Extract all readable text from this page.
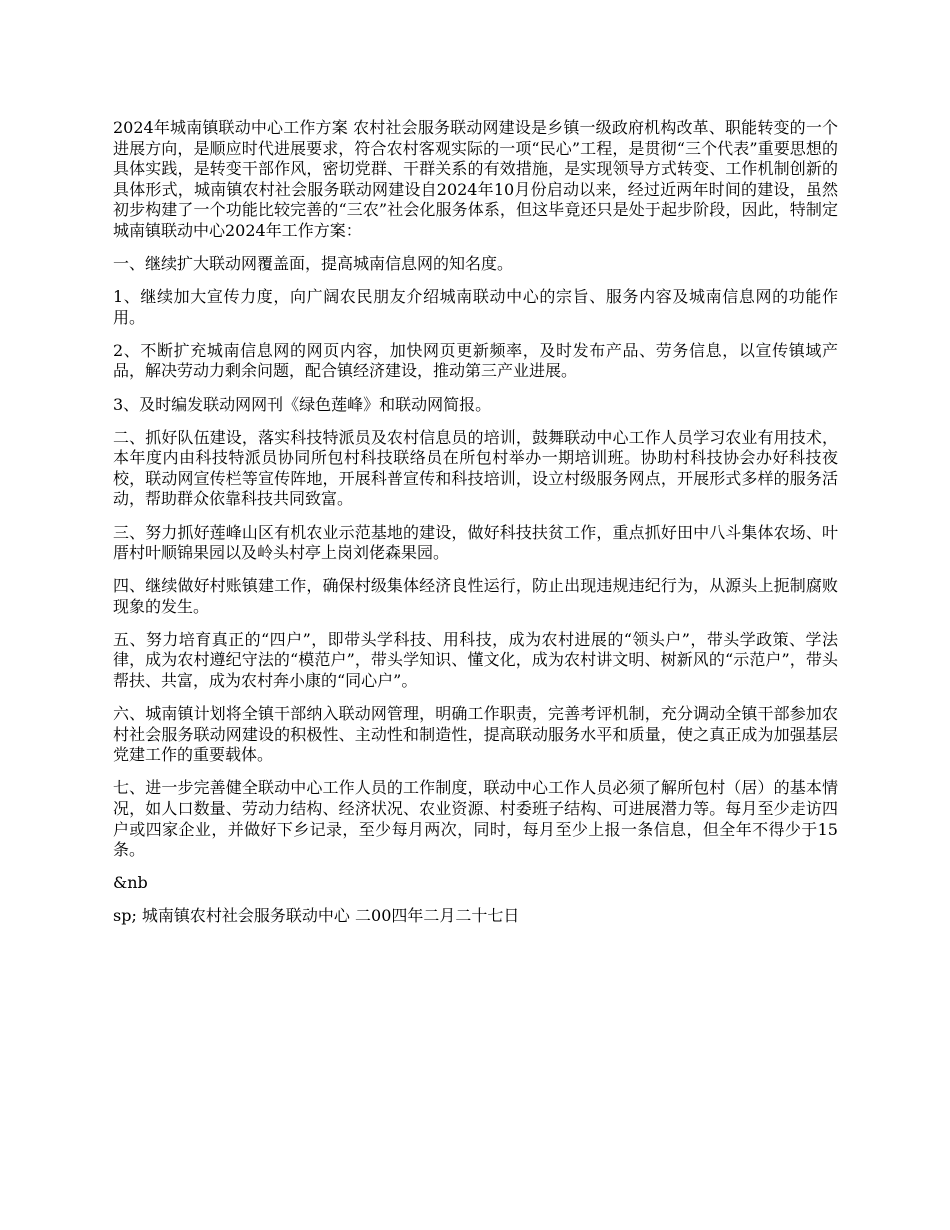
2024年城南镇联动中心工作方案 农村社会服务联动网建设是乡镇一级政府机构改革、职能转变的一个进展方向，是顺应时代进展要求，符合农村客观实际的一项“民心”工程，是贯彻“三个代表”重要思想的具体实践，是转变干部作风，密切党群、干群关系的有效措施，是实现领导方式转变、工作机制创新的具体形式，城南镇农村社会服务联动网建设自2024年10月份启动以来，经过近两年时间的建设，虽然初步构建了一个功能比较完善的“三农”社会化服务体系，但这毕竟还只是处于起步阶段，因此，特制定城南镇联动中心2024年工作方案：

一、继续扩大联动网覆盖面，提高城南信息网的知名度。

1、继续加大宣传力度，向广阔农民朋友介绍城南联动中心的宗旨、服务内容及城南信息网的功能作用。

2、不断扩充城南信息网的网页内容，加快网页更新频率，及时发布产品、劳务信息，以宣传镇域产品，解决劳动力剩余问题，配合镇经济建设，推动第三产业进展。

3、及时编发联动网网刊《绿色莲峰》和联动网简报。

二、抓好队伍建设，落实科技特派员及农村信息员的培训，鼓舞联动中心工作人员学习农业有用技术，本年度内由科技特派员协同所包村科技联络员在所包村举办一期培训班。协助村科技协会办好科技夜校，联动网宣传栏等宣传阵地，开展科普宣传和科技培训，设立村级服务网点，开展形式多样的服务活动，帮助群众依靠科技共同致富。

三、努力抓好莲峰山区有机农业示范基地的建设，做好科技扶贫工作，重点抓好田中八斗集体农场、叶厝村叶顺锦果园以及岭头村亭上岗刘佬森果园。

四、继续做好村账镇建工作，确保村级集体经济良性运行，防止出现违规违纪行为，从源头上扼制腐败现象的发生。

五、努力培育真正的“四户”，即带头学科技、用科技，成为农村进展的“领头户”，带头学政策、学法律，成为农村遵纪守法的“模范户”，带头学知识、懂文化，成为农村讲文明、树新风的“示范户”，带头帮扶、共富，成为农村奔小康的“同心户”。

六、城南镇计划将全镇干部纳入联动网管理，明确工作职责，完善考评机制，充分调动全镇干部参加农村社会服务联动网建设的积极性、主动性和制造性，提高联动服务水平和质量，使之真正成为加强基层党建工作的重要载体。

七、进一步完善健全联动中心工作人员的工作制度，联动中心工作人员必须了解所包村（居）的基本情况，如人口数量、劳动力结构、经济状况、农业资源、村委班子结构、可进展潜力等。每月至少走访四户或四家企业，并做好下乡记录，至少每月两次，同时，每月至少上报一条信息，但全年不得少于15条。

&nb

sp; 城南镇农村社会服务联动中心 二00四年二月二十七日
